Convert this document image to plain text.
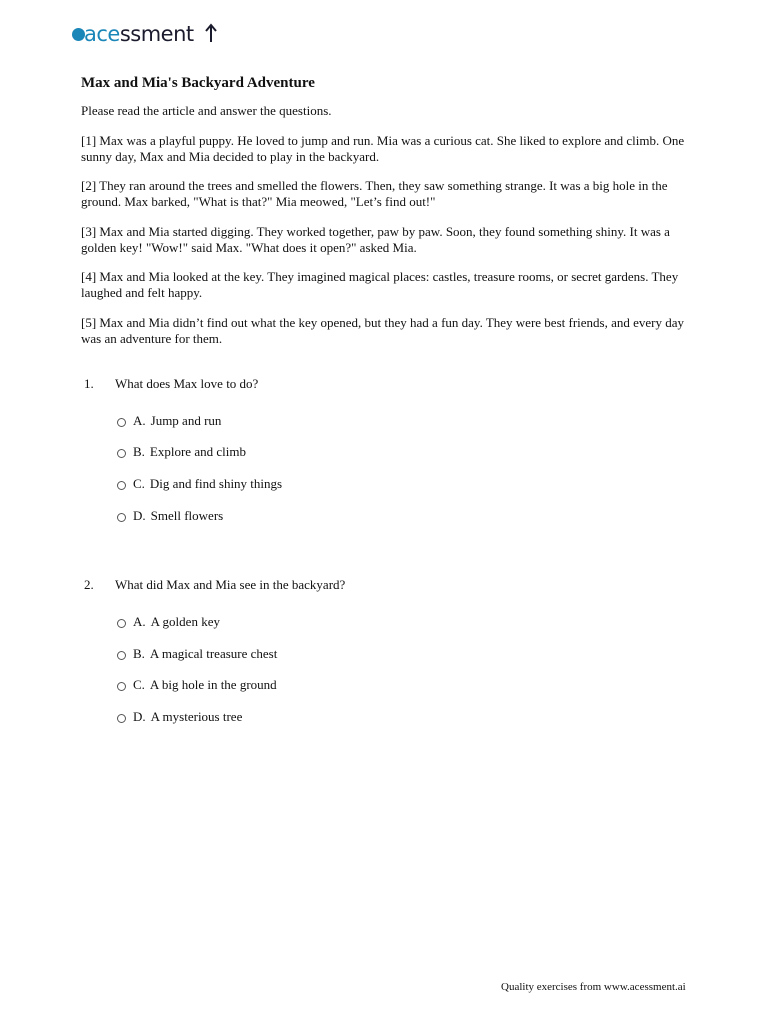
acessment
Max and Mia's Backyard Adventure

Please read the article and answer the questions.

[1] Max was a playful puppy. He loved to jump and run. Mia was a curious cat. She liked to explore and climb. One sunny day, Max and Mia decided to play in the backyard.

[2] They ran around the trees and smelled the flowers. Then, they saw something strange. It was a big hole in the ground. Max barked, "What is that?" Mia meowed, "Let’s find out!"

[3] Max and Mia started digging. They worked together, paw by paw. Soon, they found something shiny. It was a golden key! "Wow!" said Max. "What does it open?" asked Mia.

[4] Max and Mia looked at the key. They imagined magical places: castles, treasure rooms, or secret gardens. They laughed and felt happy.

[5] Max and Mia didn’t find out what the key opened, but they had a fun day. They were best friends, and every day was an adventure for them.

1. What does Max love to do?
A. Jump and run
B. Explore and climb
C. Dig and find shiny things
D. Smell flowers
2. What did Max and Mia see in the backyard?
A. A golden key
B. A magical treasure chest
C. A big hole in the ground
D. A mysterious tree
Quality exercises from www.acessment.ai
